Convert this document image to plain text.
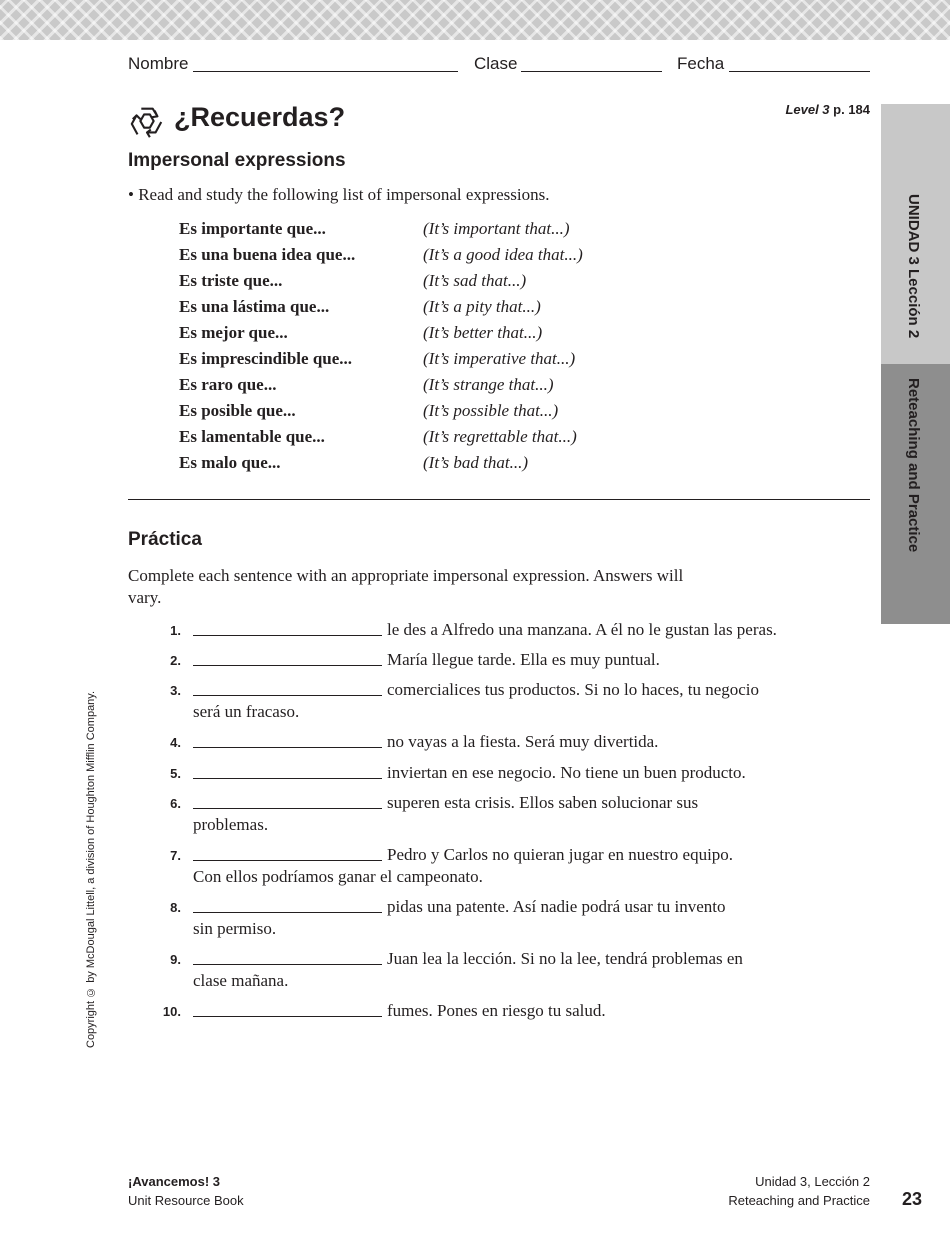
Nombre	Clase	Fecha
Level 3 p. 184
¿Recuerdas?
Impersonal expressions
• Read and study the following list of impersonal expressions.
Es importante que...	(It’s important that...)
Es una buena idea que...	(It’s a good idea that...)
Es triste que...	(It’s sad that...)
Es una lástima que...	(It’s a pity that...)
Es mejor que...	(It’s better that...)
Es imprescindible que...	(It’s imperative that...)
Es raro que...	(It’s strange that...)
Es posible que...	(It’s possible that...)
Es lamentable que...	(It’s regrettable that...)
Es malo que...	(It’s bad that...)
Práctica
Complete each sentence with an appropriate impersonal expression. Answers will
vary.
1.	le des a Alfredo una manzana. A él no le gustan las peras.
2.	María llegue tarde. Ella es muy puntual.
3.	comercialices tus productos. Si no lo haces, tu negocio
será un fracaso.
4.	no vayas a la fiesta. Será muy divertida.
5.	inviertan en ese negocio. No tiene un buen producto.
6.	superen esta crisis. Ellos saben solucionar sus
problemas.
7.	Pedro y Carlos no quieran jugar en nuestro equipo.
Con ellos podríamos ganar el campeonato.
8.	pidas una patente. Así nadie podrá usar tu invento
sin permiso.
9.	Juan lea la lección. Si no la lee, tendrá problemas en
clase mañana.
10.	fumes. Pones en riesgo tu salud.
UNIDAD 3 Lección 2
Reteaching and Practice
Copyright © by McDougal Littell, a division of Houghton Mifflin Company.
¡Avancemos! 3
Unit Resource Book
Unidad 3, Lección 2
Reteaching and Practice 23
